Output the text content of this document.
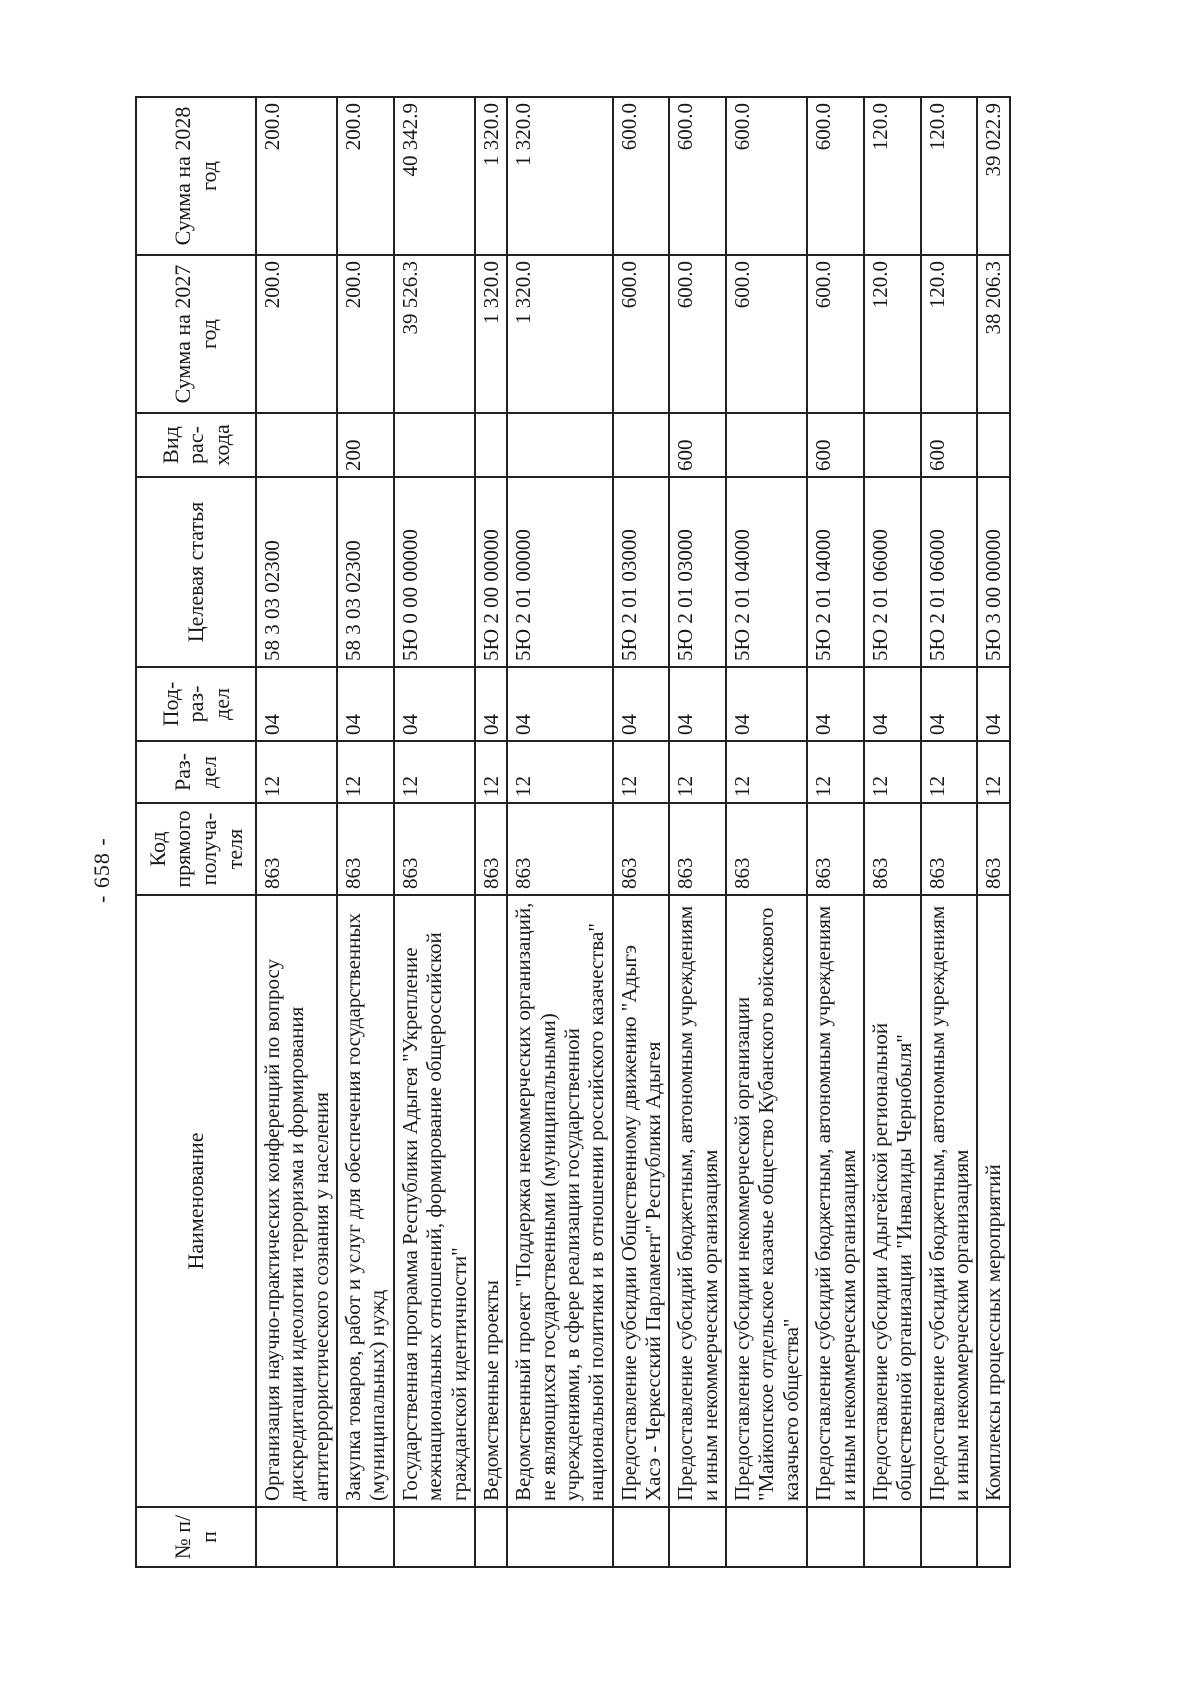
- 658 -
№ п/п	Наименование	Код прямого получа-теля	Раз-дел	Под-раз-дел	Целевая статья	Вид рас-хода	Сумма на 2027 год	Сумма на 2028 год
	Организация научно-практических конференций по вопросу дискредитации идеологии терроризма и формирования антитеррористического сознания у населения	863	12	04	58 3 03 02300		200.0	200.0
	Закупка товаров, работ и услуг для обеспечения государственных (муниципальных) нужд	863	12	04	58 3 03 02300	200	200.0	200.0
	Государственная программа Республики Адыгея "Укрепление межнациональных отношений, формирование общероссийской гражданской идентичности"	863	12	04	5Ю 0 00 00000		39 526.3	40 342.9
	Ведомственные проекты	863	12	04	5Ю 2 00 00000		1 320.0	1 320.0
	Ведомственный проект "Поддержка некоммерческих организаций, не являющихся государственными (муниципальными) учреждениями, в сфере реализации государственной национальной политики и в отношении российского казачества"	863	12	04	5Ю 2 01 00000		1 320.0	1 320.0
	Предоставление субсидии Общественному движению "Адыгэ Хасэ - Черкесский Парламент" Республики Адыгея	863	12	04	5Ю 2 01 03000		600.0	600.0
	Предоставление субсидий бюджетным, автономным учреждениям и иным некоммерческим организациям	863	12	04	5Ю 2 01 03000	600	600.0	600.0
	Предоставление субсидии некоммерческой организации "Майкопское отдельское казачье общество Кубанского войскового казачьего общества"	863	12	04	5Ю 2 01 04000		600.0	600.0
	Предоставление субсидий бюджетным, автономным учреждениям и иным некоммерческим организациям	863	12	04	5Ю 2 01 04000	600	600.0	600.0
	Предоставление субсидии Адыгейской региональной общественной организации "Инвалиды Чернобыля"	863	12	04	5Ю 2 01 06000		120.0	120.0
	Предоставление субсидий бюджетным, автономным учреждениям и иным некоммерческим организациям	863	12	04	5Ю 2 01 06000	600	120.0	120.0
	Комплексы процессных мероприятий	863	12	04	5Ю 3 00 00000		38 206.3	39 022.9
